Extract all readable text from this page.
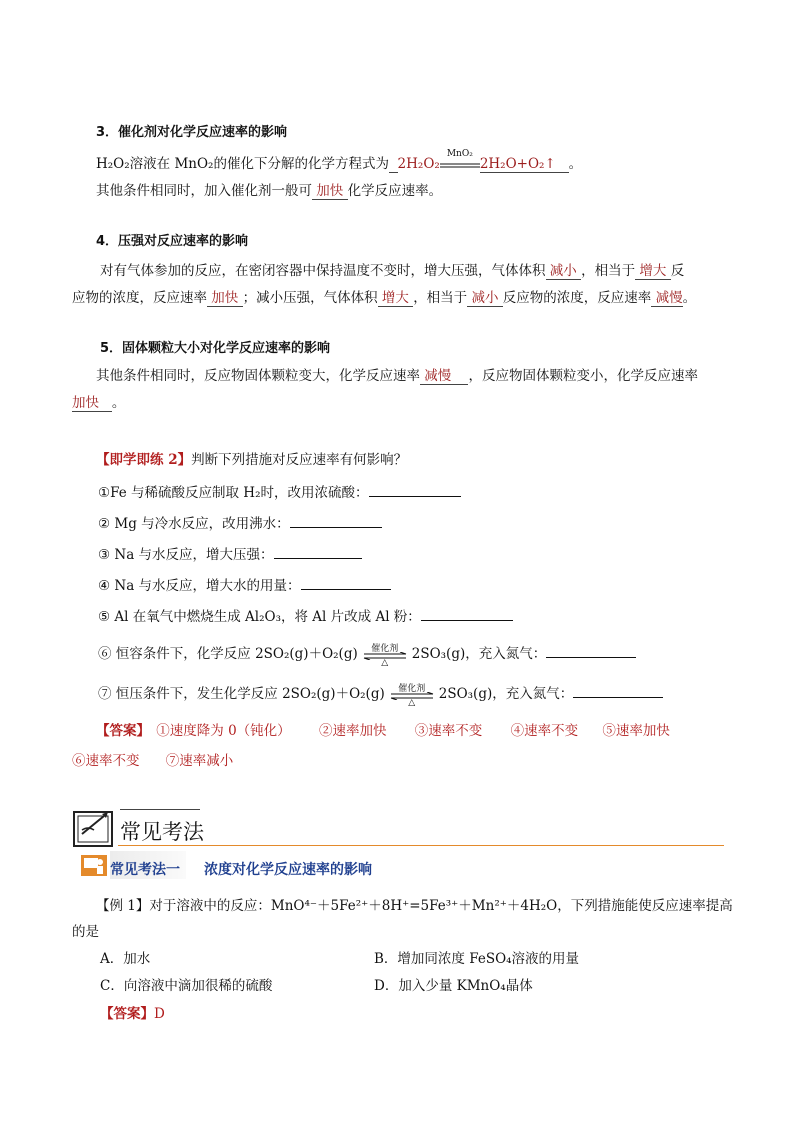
3．催化剂对化学反应速率的影响
H₂O₂溶液在 MnO₂的催化下分解的化学方程式为 2H₂O₂
MnO₂
2H₂O+O₂↑ 。
其他条件相同时，加入催化剂一般可 加快 化学反应速率。
4．压强对反应速率的影响
对有气体参加的反应，在密闭容器中保持温度不变时，增大压强，气体体积 减小 ，相当于 增大 反
应物的浓度，反应速率 加快 ；减小压强，气体体积 增大 ，相当于 减小 反应物的浓度，反应速率 减慢。
5．固体颗粒大小对化学反应速率的影响
其他条件相同时，反应物固体颗粒变大，化学反应速率 减慢 ，反应物固体颗粒变小，化学反应速率
加快 。
【即学即练 2】判断下列措施对反应速率有何影响？
①Fe 与稀硫酸反应制取 H₂时，改用浓硫酸：
② Mg 与冷水反应，改用沸水：
③ Na 与水反应，增大压强：
④ Na 与水反应，增大水的用量：
⑤ Al 在氧气中燃烧生成 Al₂O₃，将 Al 片改成 Al 粉：
⑥ 恒容条件下，化学反应 2SO₂(g)＋O₂(g)	催化剂
△
2SO₃(g)，充入氮气：
⑦ 恒压条件下，发生化学反应 2SO₂(g)＋O₂(g)	催化剂
△
2SO₃(g)，充入氮气：
【答案】 ①速度降为 0（钝化） ②速率加快 ③速率不变 ④速率不变 ⑤速率加快
⑥速率不变 ⑦速率减小
常见考法
常见考法一 浓度对化学反应速率的影响
【例 1】对于溶液中的反应：MnO⁴⁻＋5Fe²⁺＋8H⁺=5Fe³⁺＋Mn²⁺＋4H₂O，下列措施能使反应速率提高
的是
A．加水	B．增加同浓度 FeSO₄溶液的用量
C．向溶液中滴加很稀的硫酸	D．加入少量 KMnO₄晶体
【答案】D
